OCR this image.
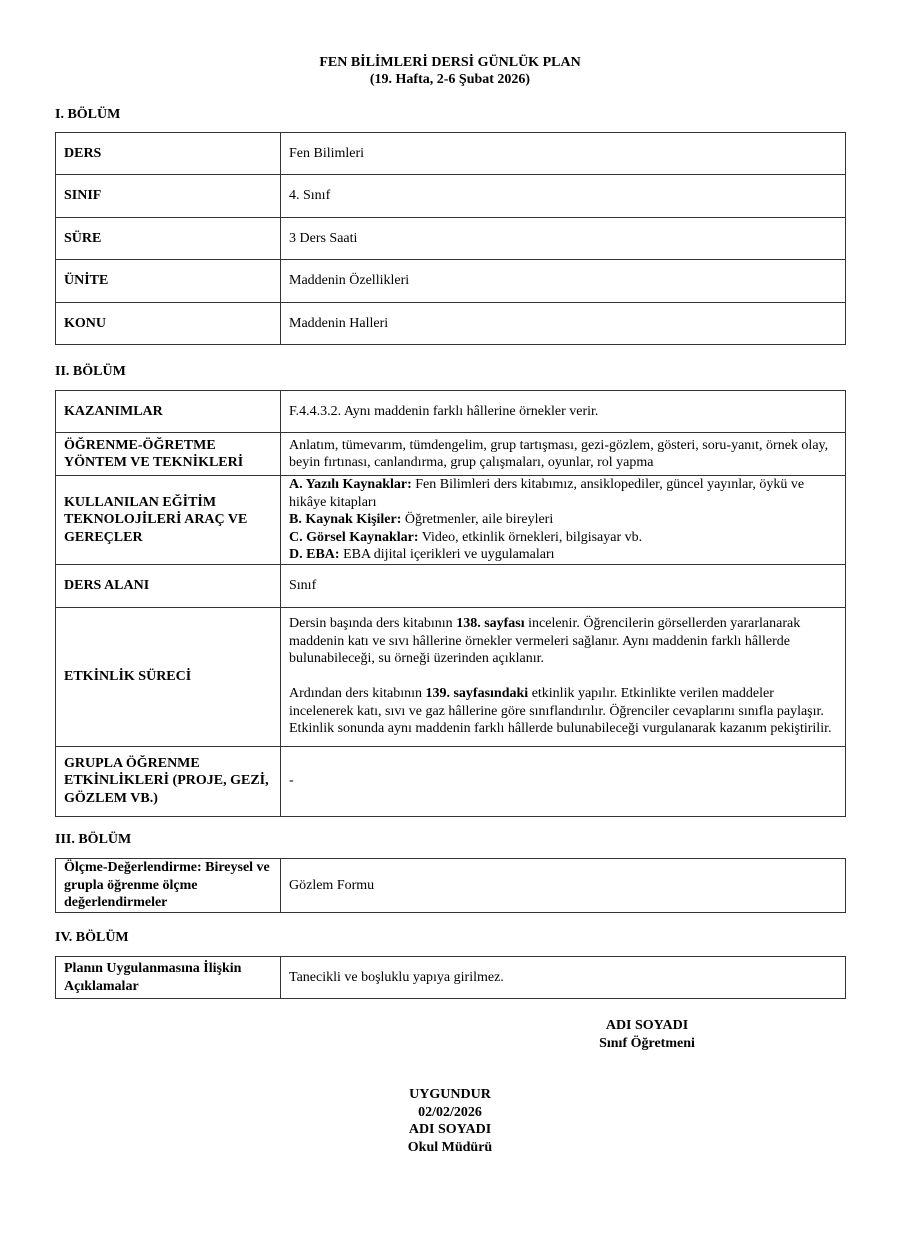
FEN BİLİMLERİ DERSİ GÜNLÜK PLAN
(19. Hafta, 2-6 Şubat 2026)
I. BÖLÜM
DERS	Fen Bilimleri
SINIF	4. Sınıf
SÜRE	3 Ders Saati
ÜNİTE	Maddenin Özellikleri
KONU	Maddenin Halleri
II. BÖLÜM
KAZANIMLAR	F.4.4.3.2. Aynı maddenin farklı hâllerine örnekler verir.
ÖĞRENME-ÖĞRETME YÖNTEM VE TEKNİKLERİ	Anlatım, tümevarım, tümdengelim, grup tartışması, gezi-gözlem, gösteri, soru-yanıt, örnek olay, beyin fırtınası, canlandırma, grup çalışmaları, oyunlar, rol yapma
KULLANILAN EĞİTİM TEKNOLOJİLERİ ARAÇ VE GEREÇLER	A. Yazılı Kaynaklar: Fen Bilimleri ders kitabımız, ansiklopediler, güncel yayınlar, öykü ve hikâye kitapları
B. Kaynak Kişiler: Öğretmenler, aile bireyleri
C. Görsel Kaynaklar: Video, etkinlik örnekleri, bilgisayar vb.
D. EBA: EBA dijital içerikleri ve uygulamaları

DERS ALANI	Sınıf
ETKİNLİK SÜRECİ	Dersin başında ders kitabının 138. sayfası incelenir. Öğrencilerin görsellerden yararlanarak maddenin katı ve sıvı hâllerine örnekler vermeleri sağlanır. Aynı maddenin farklı hâllerde bulunabileceği, su örneği üzerinden açıklanır.
Ardından ders kitabının 139. sayfasındaki etkinlik yapılır. Etkinlikte verilen maddeler incelenerek katı, sıvı ve gaz hâllerine göre sınıflandırılır. Öğrenciler cevaplarını sınıfla paylaşır. Etkinlik sonunda aynı maddenin farklı hâllerde bulunabileceği vurgulanarak kazanım pekiştirilir.

GRUPLA ÖĞRENME ETKİNLİKLERİ (PROJE, GEZİ, GÖZLEM VB.)	-
III. BÖLÜM
Ölçme-Değerlendirme: Bireysel ve grupla öğrenme ölçme değerlendirmeler	Gözlem Formu
IV. BÖLÜM
Planın Uygulanmasına İlişkin Açıklamalar	Tanecikli ve boşluklu yapıya girilmez.
ADI SOYADI
Sınıf Öğretmeni
UYGUNDUR
02/02/2026
ADI SOYADI
Okul Müdürü
